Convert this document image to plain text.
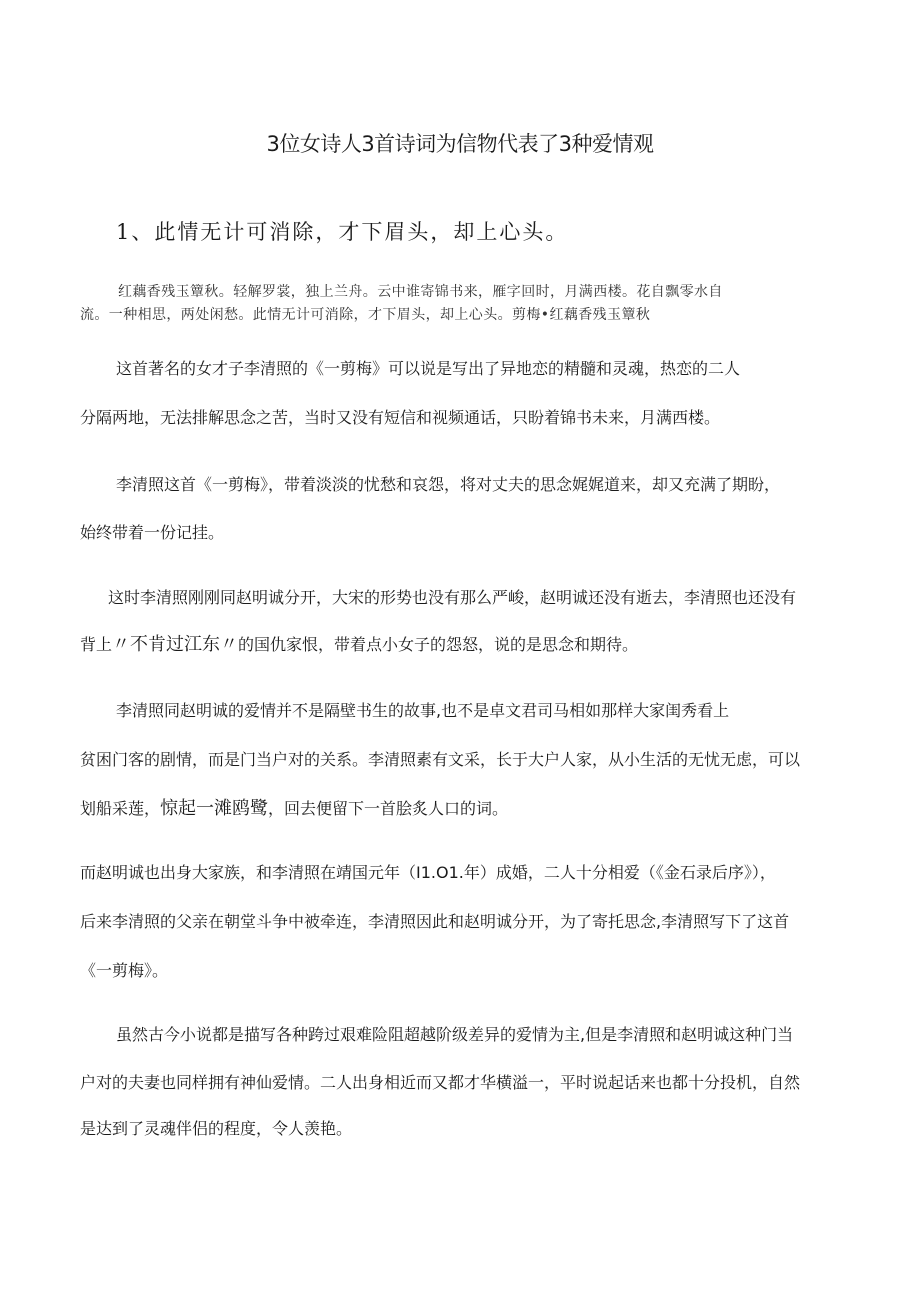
3位女诗人3首诗词为信物代表了3种爱情观
1、此情无计可消除，才下眉头，却上心头。
红藕香残玉簟秋。轻解罗裳，独上兰舟。云中谁寄锦书来，雁字回时，月满西楼。花自飘零水自
流。一种相思，两处闲愁。此情无计可消除，才下眉头，却上心头。剪梅•红藕香残玉簟秋
这首著名的女才子李清照的《一剪梅》可以说是写出了异地恋的精髓和灵魂，热恋的二人
分隔两地，无法排解思念之苦，当时又没有短信和视频通话，只盼着锦书未来，月满西楼。
李清照这首《一剪梅》，带着淡淡的忧愁和哀怨，将对丈夫的思念娓娓道来，却又充满了期盼，
始终带着一份记挂。
这时李清照刚刚同赵明诚分开，大宋的形势也没有那么严峻，赵明诚还没有逝去，李清照也还没有
背上〃不肯过江东〃的国仇家恨，带着点小女子的怨怒，说的是思念和期待。
李清照同赵明诚的爱情并不是隔壁书生的故事,也不是卓文君司马相如那样大家闺秀看上
贫困门客的剧情，而是门当户对的关系。李清照素有文采，长于大户人家，从小生活的无忧无虑，可以
划船采莲，惊起一滩鸥鹭，回去便留下一首脍炙人口的词。
而赵明诚也出身大家族，和李清照在靖国元年（I1.O1.年）成婚，二人十分相爱（《金石录后序》），
后来李清照的父亲在朝堂斗争中被牵连，李清照因此和赵明诚分开，为了寄托思念,李清照写下了这首
《一剪梅》。
虽然古今小说都是描写各种跨过艰难险阻超越阶级差异的爱情为主,但是李清照和赵明诚这种门当
户对的夫妻也同样拥有神仙爱情。二人出身相近而又都才华横溢一，平时说起话来也都十分投机，自然
是达到了灵魂伴侣的程度，令人羡艳。
